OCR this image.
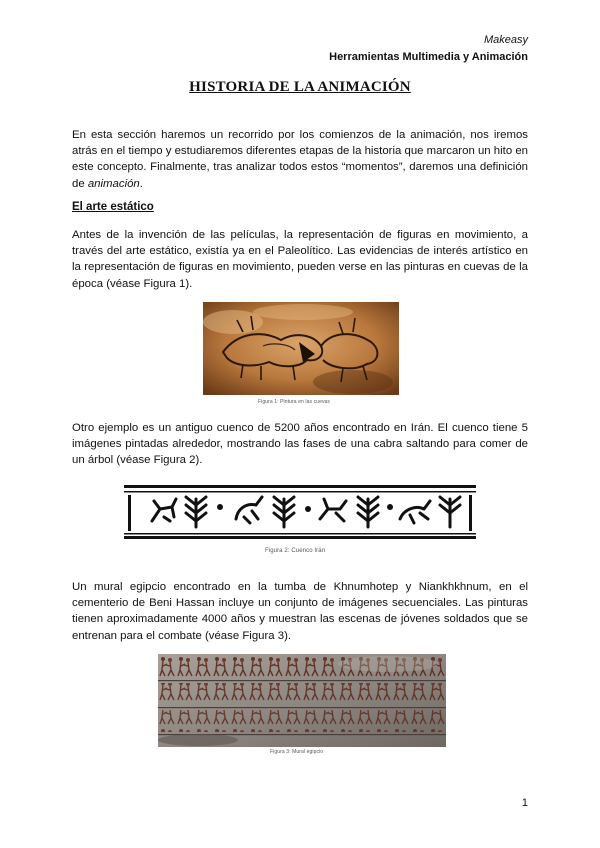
Makeasy
Herramientas Multimedia y Animación
HISTORIA DE LA ANIMACIÓN

En esta sección haremos un recorrido por los comienzos de la animación, nos iremos atrás en el tiempo y estudiaremos diferentes etapas de la historia que marcaron un hito en este concepto. Finalmente, tras analizar todos estos “momentos”, daremos una definición de animación.

El arte estático

Antes de la invención de las películas, la representación de figuras en movimiento, a través del arte estático, existía ya en el Paleolítico. Las evidencias de interés artístico en la representación de figuras en movimiento, pueden verse en las pinturas en cuevas de la época (véase Figura 1).

Figura 1: Pintura en las cuevas

Otro ejemplo es un antiguo cuenco de 5200 años encontrado en Irán. El cuenco tiene 5 imágenes pintadas alrededor, mostrando las fases de una cabra saltando para comer de un árbol (véase Figura 2).

Figura 2: Cuenco Irán

Un mural egipcio encontrado en la tumba de Khnumhotep y Niankhkhnum, en el cementerio de Beni Hassan incluye un conjunto de imágenes secuenciales. Las pinturas tienen aproximadamente 4000 años y muestran las escenas de jóvenes soldados que se entrenan para el combate (véase Figura 3).

Figura 3: Mural egipcio
1
